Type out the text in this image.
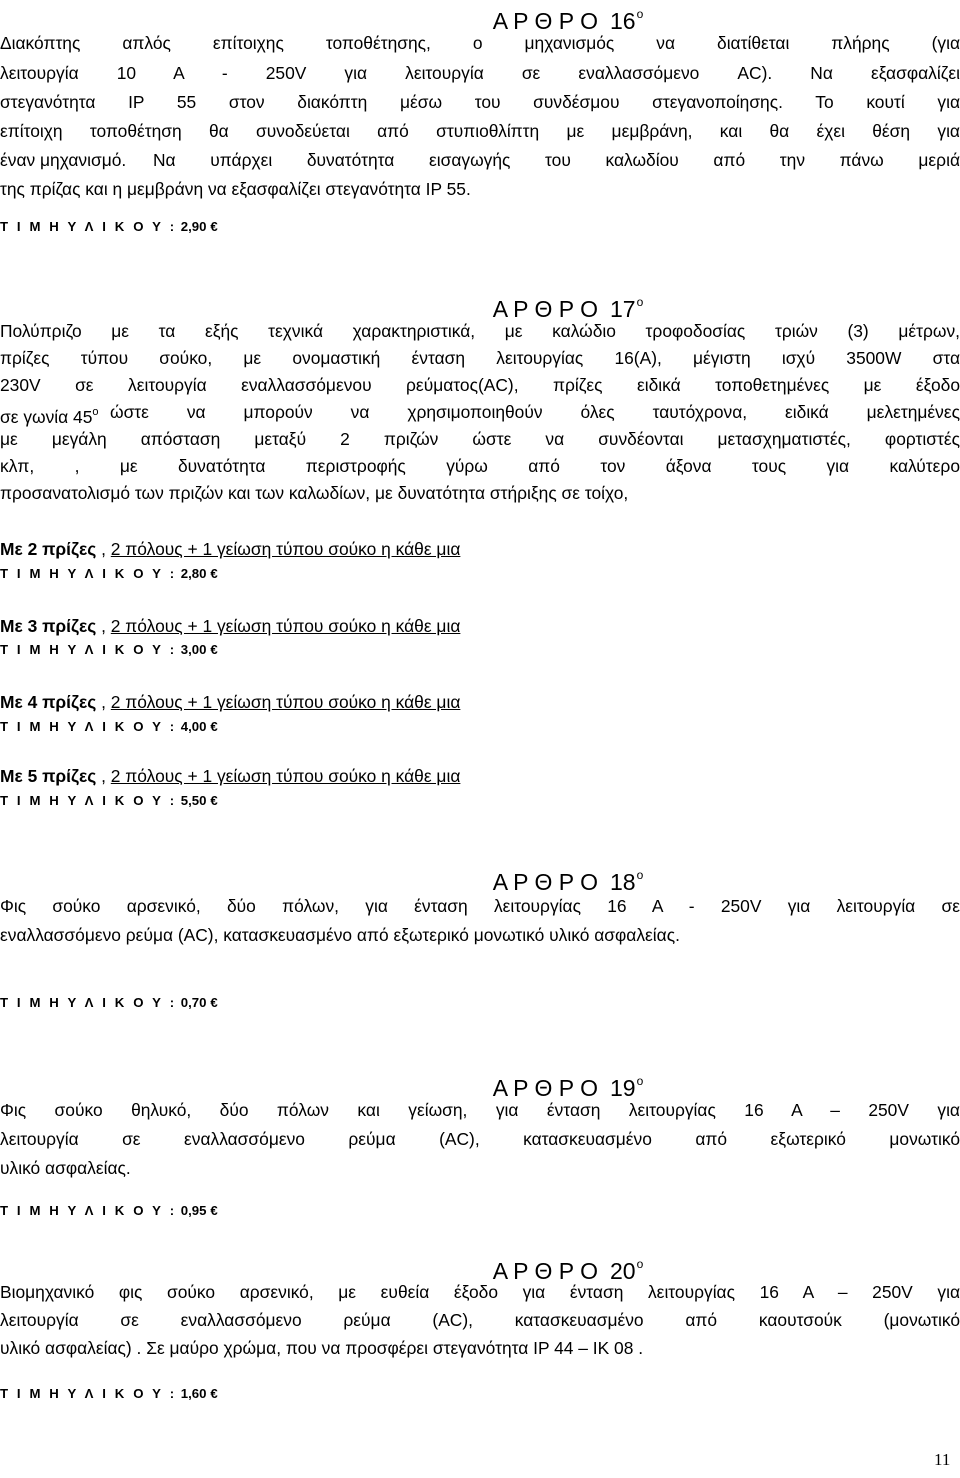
Α Ρ Θ Ρ Ο $16^o$
Διακόπτης απλός επίτοιχης τοποθέτησης, ο μηχανισμός να διατίθεται πλήρης (για
λειτουργία 10 Α - 250V για λειτουργία σε εναλλασσόμενο AC). Να εξασφαλίζει
στεγανότητα IP 55 στον διακόπτη μέσω του συνδέσμου στεγανοποίησης. Το κουτί για
επίτοιχη τοποθέτηση θα συνοδεύεται από στυπιοθλίπτη με μεμβράνη, και θα έχει θέση για
έναν μηχανισμό. Να υπάρχει δυνατότητα εισαγωγής του καλωδίου από την πάνω μεριά
της πρίζας και η μεμβράνη να εξασφαλίζει στεγανότητα IP 55.
Τ Ι Μ Η Υ Λ Ι Κ Ο Υ : 2,90 €
Α Ρ Θ Ρ Ο $17^o$
Πολύπριζο με τα εξής τεχνικά χαρακτηριστικά, με καλώδιο τροφοδοσίας τριών (3) μέτρων,
πρίζες τύπου σούκο, με ονομαστική ένταση λειτουργίας 16(Α), μέγιστη ισχύ 3500W στα
230V σε λειτουργία εναλλασσόμενου ρεύματος(AC), πρίζες ειδικά τοποθετημένες με έξοδο
σε γωνία $45^o$ ώστε να μπορούν να χρησιμοποιηθούν όλες ταυτόχρονα, ειδικά μελετημένες
με μεγάλη απόσταση μεταξύ 2 πριζών ώστε να συνδέονται μετασχηματιστές, φορτιστές
κλπ, , με δυνατότητα περιστροφής γύρω από τον άξονα τους για καλύτερο
προσανατολισμό των πριζών και των καλωδίων, με δυνατότητα στήριξης σε τοίχο,
Με 2 πρίζες , 2 πόλους + 1 γείωση τύπου σούκο η κάθε μια
Τ Ι Μ Η Υ Λ Ι Κ Ο Υ : 2,80 €
Με 3 πρίζες , 2 πόλους + 1 γείωση τύπου σούκο η κάθε μια
Τ Ι Μ Η Υ Λ Ι Κ Ο Υ : 3,00 €
Με 4 πρίζες , 2 πόλους + 1 γείωση τύπου σούκο η κάθε μια
Τ Ι Μ Η Υ Λ Ι Κ Ο Υ : 4,00 €
Με 5 πρίζες , 2 πόλους + 1 γείωση τύπου σούκο η κάθε μια
Τ Ι Μ Η Υ Λ Ι Κ Ο Υ : 5,50 €
Α Ρ Θ Ρ Ο $18^o$
Φις σούκο αρσενικό, δύο πόλων, για ένταση λειτουργίας 16 Α - 250V για λειτουργία σε
εναλλασσόμενο ρεύμα (AC), κατασκευασμένο από εξωτερικό μονωτικό υλικό ασφαλείας.
Τ Ι Μ Η Υ Λ Ι Κ Ο Υ : 0,70 €
Α Ρ Θ Ρ Ο $19^o$
Φις σούκο θηλυκό, δύο πόλων και γείωση, για ένταση λειτουργίας 16 Α – 250V για
λειτουργία σε εναλλασσόμενο ρεύμα (AC), κατασκευασμένο από εξωτερικό μονωτικό
υλικό ασφαλείας.
Τ Ι Μ Η Υ Λ Ι Κ Ο Υ : 0,95 €
Α Ρ Θ Ρ Ο $20^o$
Βιομηχανικό φις σούκο αρσενικό, με ευθεία έξοδο για ένταση λειτουργίας 16 Α – 250V για
λειτουργία σε εναλλασσόμενο ρεύμα (AC), κατασκευασμένο από καουτσούκ (μονωτικό
υλικό ασφαλείας) . Σε μαύρο χρώμα, που να προσφέρει στεγανότητα IP 44 – IK 08 .
Τ Ι Μ Η Υ Λ Ι Κ Ο Υ : 1,60 €
11
